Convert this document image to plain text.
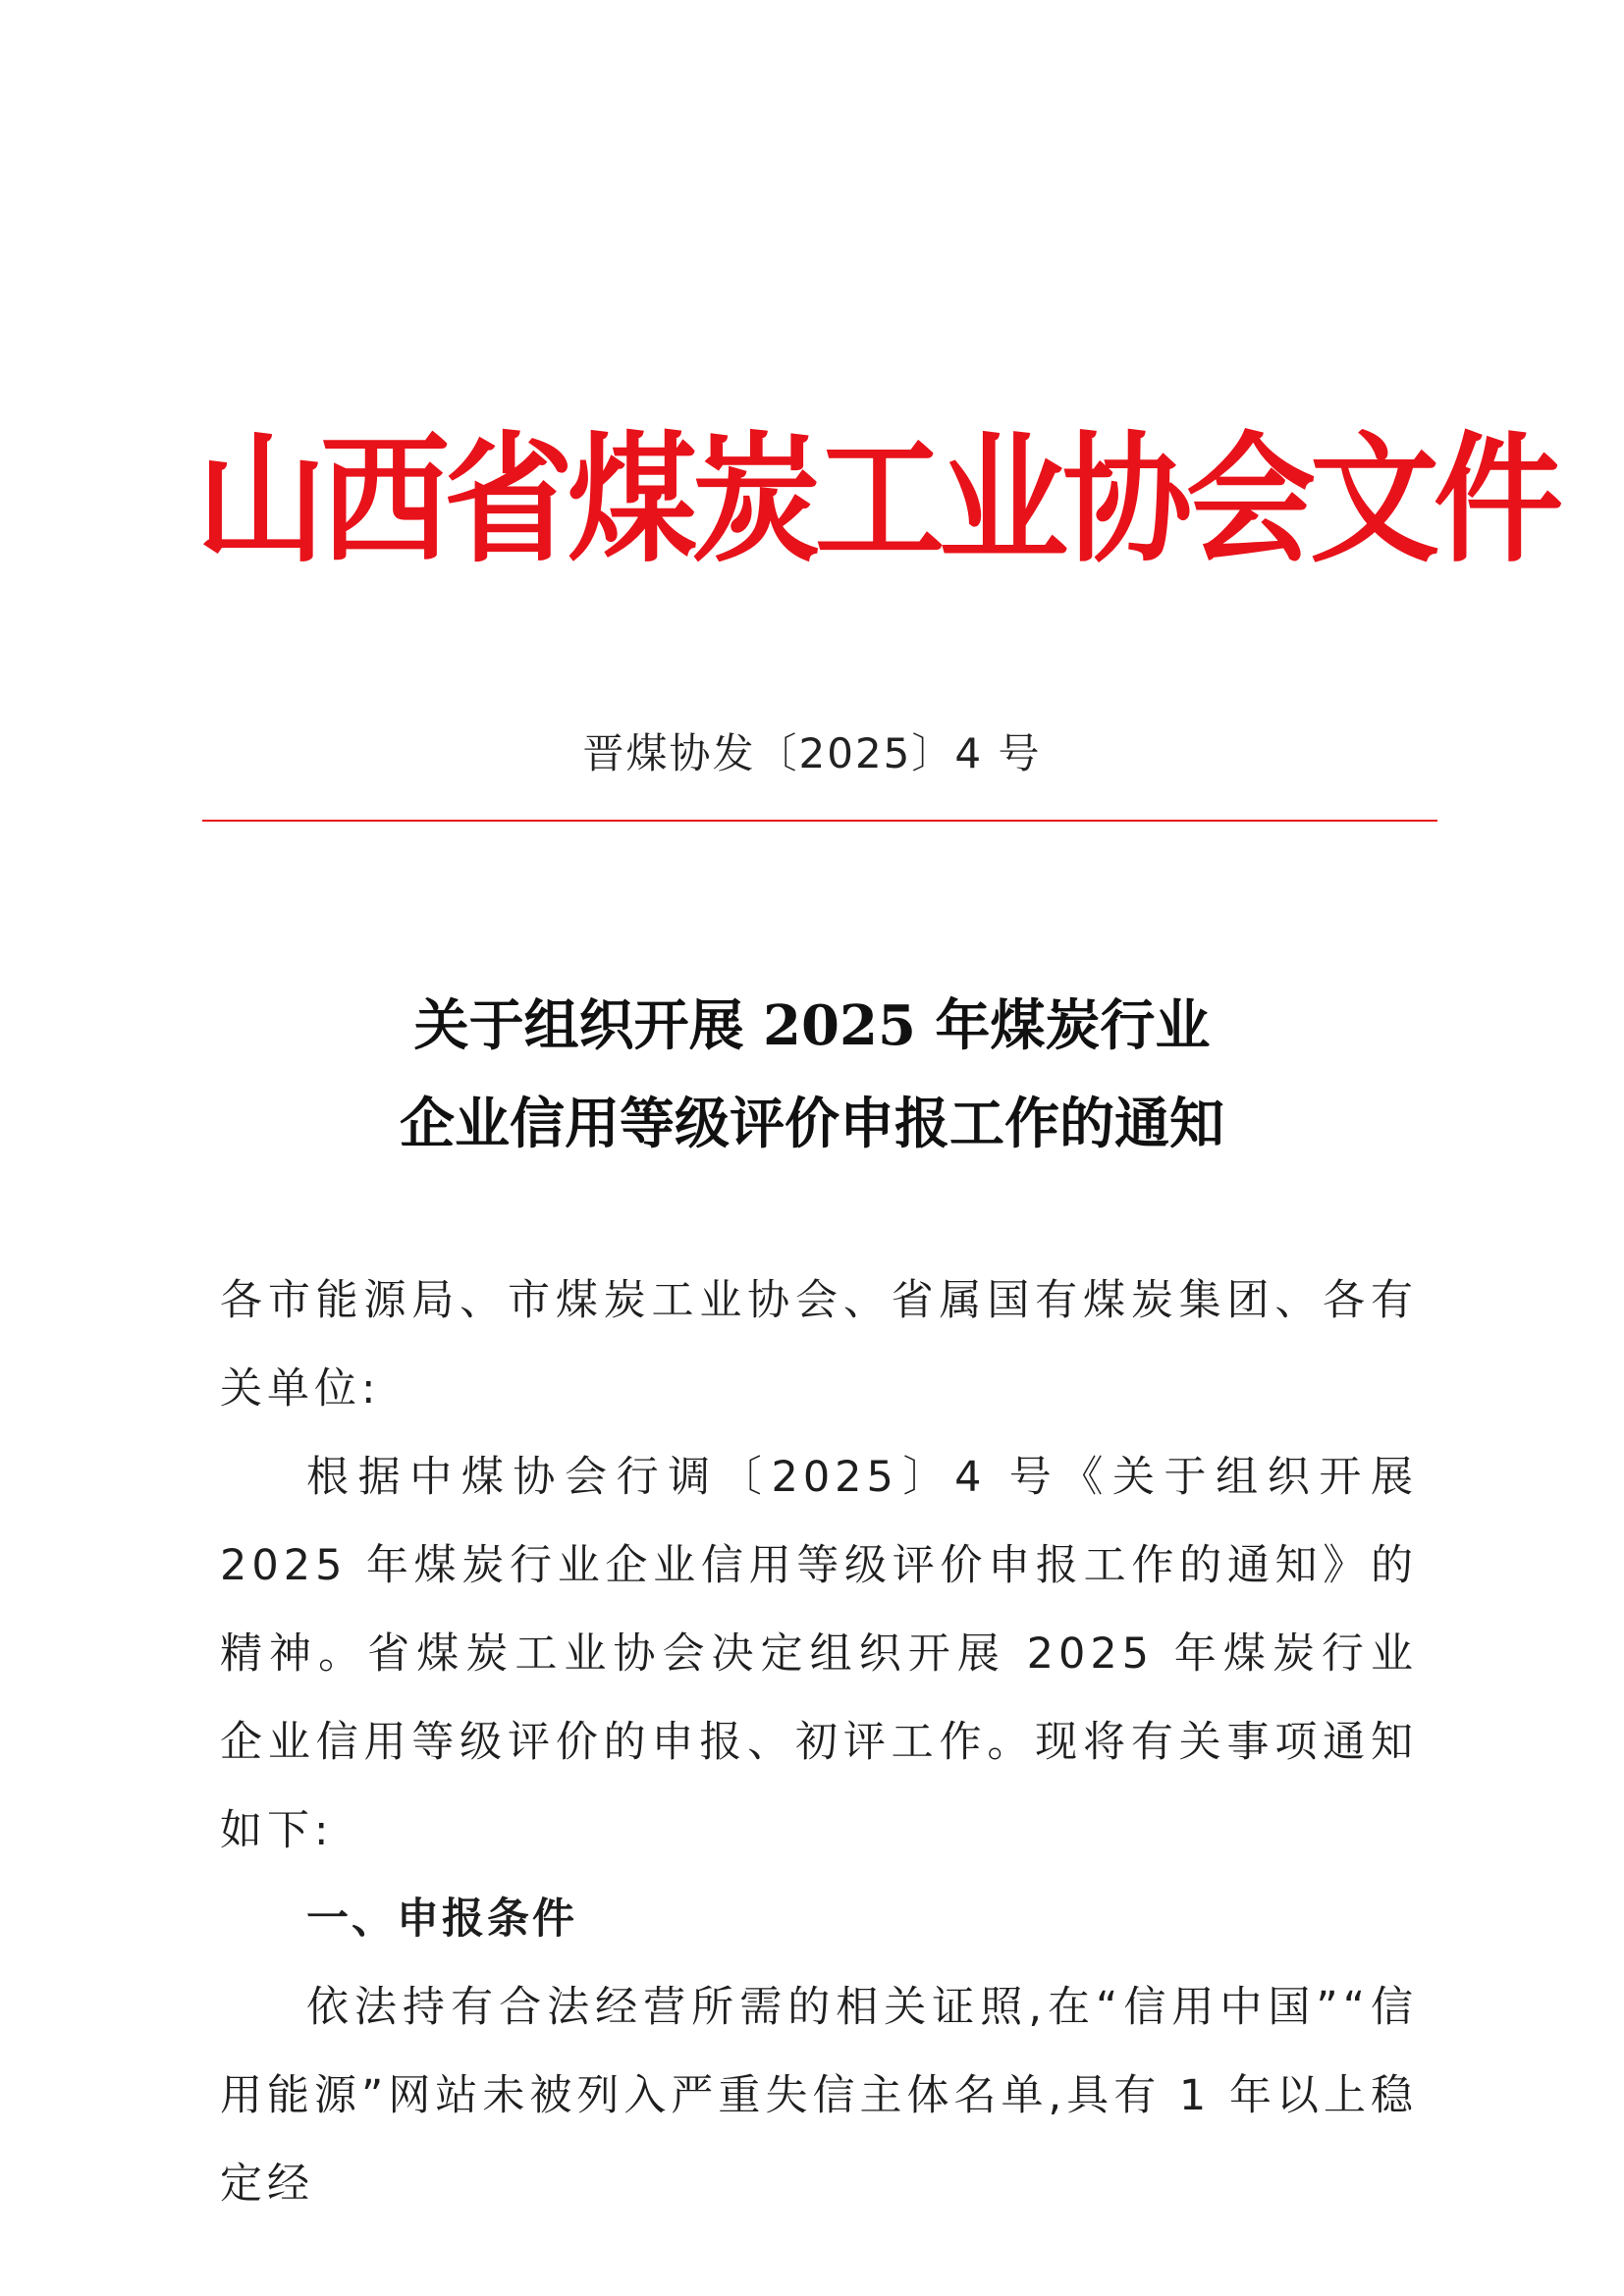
山西省煤炭工业协会文件
晋煤协发〔2025〕4 号
关于组织开展 2025 年煤炭行业
企业信用等级评价申报工作的通知

各市能源局、市煤炭工业协会、省属国有煤炭集团、各有关单位:

根据中煤协会行调〔2025〕4 号《关于组织开展 2025 年煤炭行业企业信用等级评价申报工作的通知》的精神。省煤炭工业协会决定组织开展 2025 年煤炭行业企业信用等级评价的申报、初评工作。现将有关事项通知如下:

一、申报条件

依法持有合法经营所需的相关证照,在“信用中国”“信用能源”网站未被列入严重失信主体名单,具有 1 年以上稳定经
